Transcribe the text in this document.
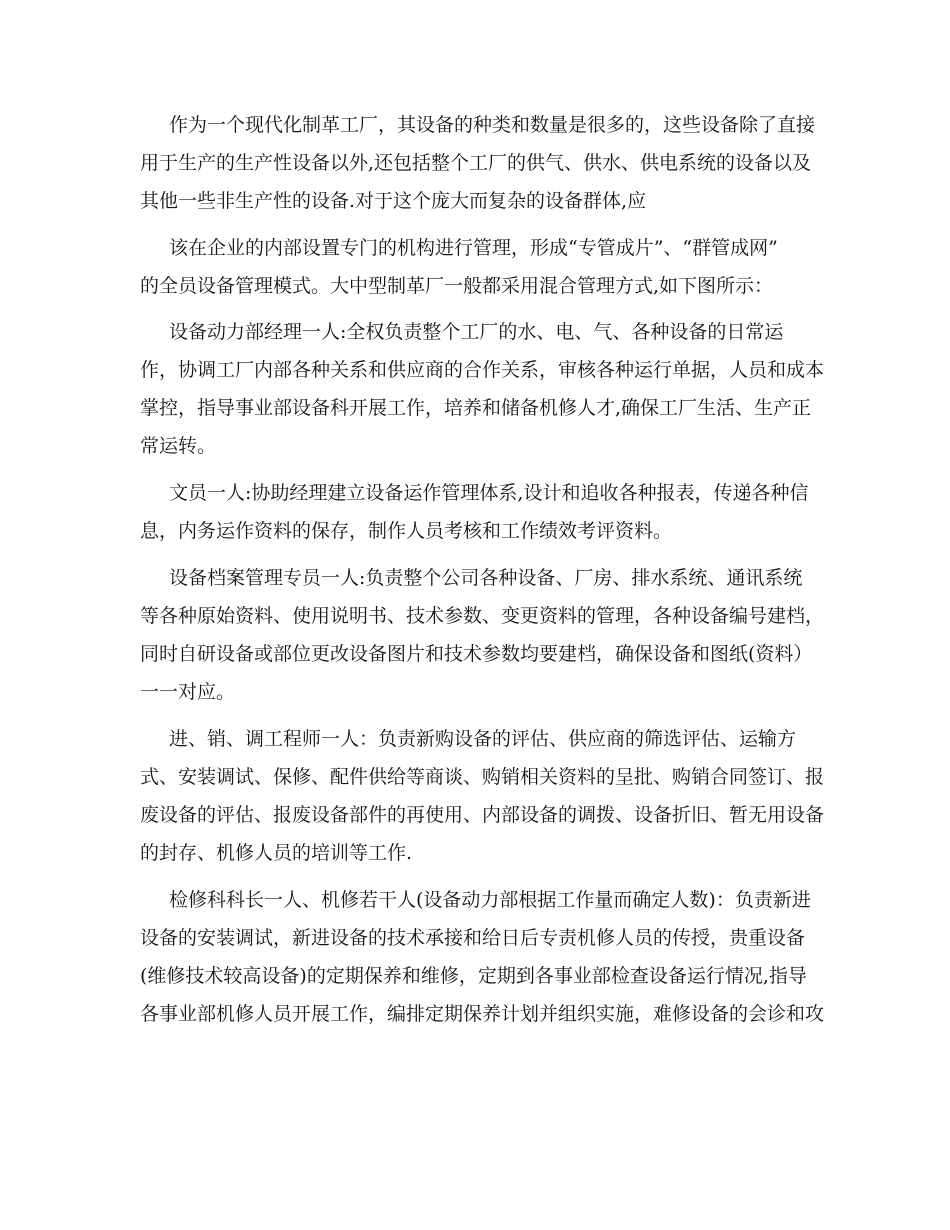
作为一个现代化制革工厂，其设备的种类和数量是很多的，这些设备除了直接
用于生产的生产性设备以外,还包括整个工厂的供气、供水、供电系统的设备以及
其他一些非生产性的设备.对于这个庞大而复杂的设备群体,应
该在企业的内部设置专门的机构进行管理，形成“专管成片”、“群管成网”
的全员设备管理模式。大中型制革厂一般都采用混合管理方式,如下图所示：
设备动力部经理一人:全权负责整个工厂的水、电、气、各种设备的日常运
作，协调工厂内部各种关系和供应商的合作关系，审核各种运行单据，人员和成本
掌控，指导事业部设备科开展工作，培养和储备机修人才,确保工厂生活、生产正
常运转。
文员一人:协助经理建立设备运作管理体系,设计和追收各种报表，传递各种信
息，内务运作资料的保存，制作人员考核和工作绩效考评资料。
设备档案管理专员一人:负责整个公司各种设备、厂房、排水系统、通讯系统
等各种原始资料、使用说明书、技术参数、变更资料的管理，各种设备编号建档，
同时自研设备或部位更改设备图片和技术参数均要建档，确保设备和图纸(资料）
一一对应。
进、销、调工程师一人：负责新购设备的评估、供应商的筛选评估、运输方
式、安装调试、保修、配件供给等商谈、购销相关资料的呈批、购销合同签订、报
废设备的评估、报废设备部件的再使用、内部设备的调拨、设备折旧、暂无用设备
的封存、机修人员的培训等工作.
检修科科长一人、机修若干人(设备动力部根据工作量而确定人数)：负责新进
设备的安装调试，新进设备的技术承接和给日后专责机修人员的传授，贵重设备
(维修技术较高设备)的定期保养和维修，定期到各事业部检查设备运行情况,指导
各事业部机修人员开展工作，编排定期保养计划并组织实施，难修设备的会诊和攻
